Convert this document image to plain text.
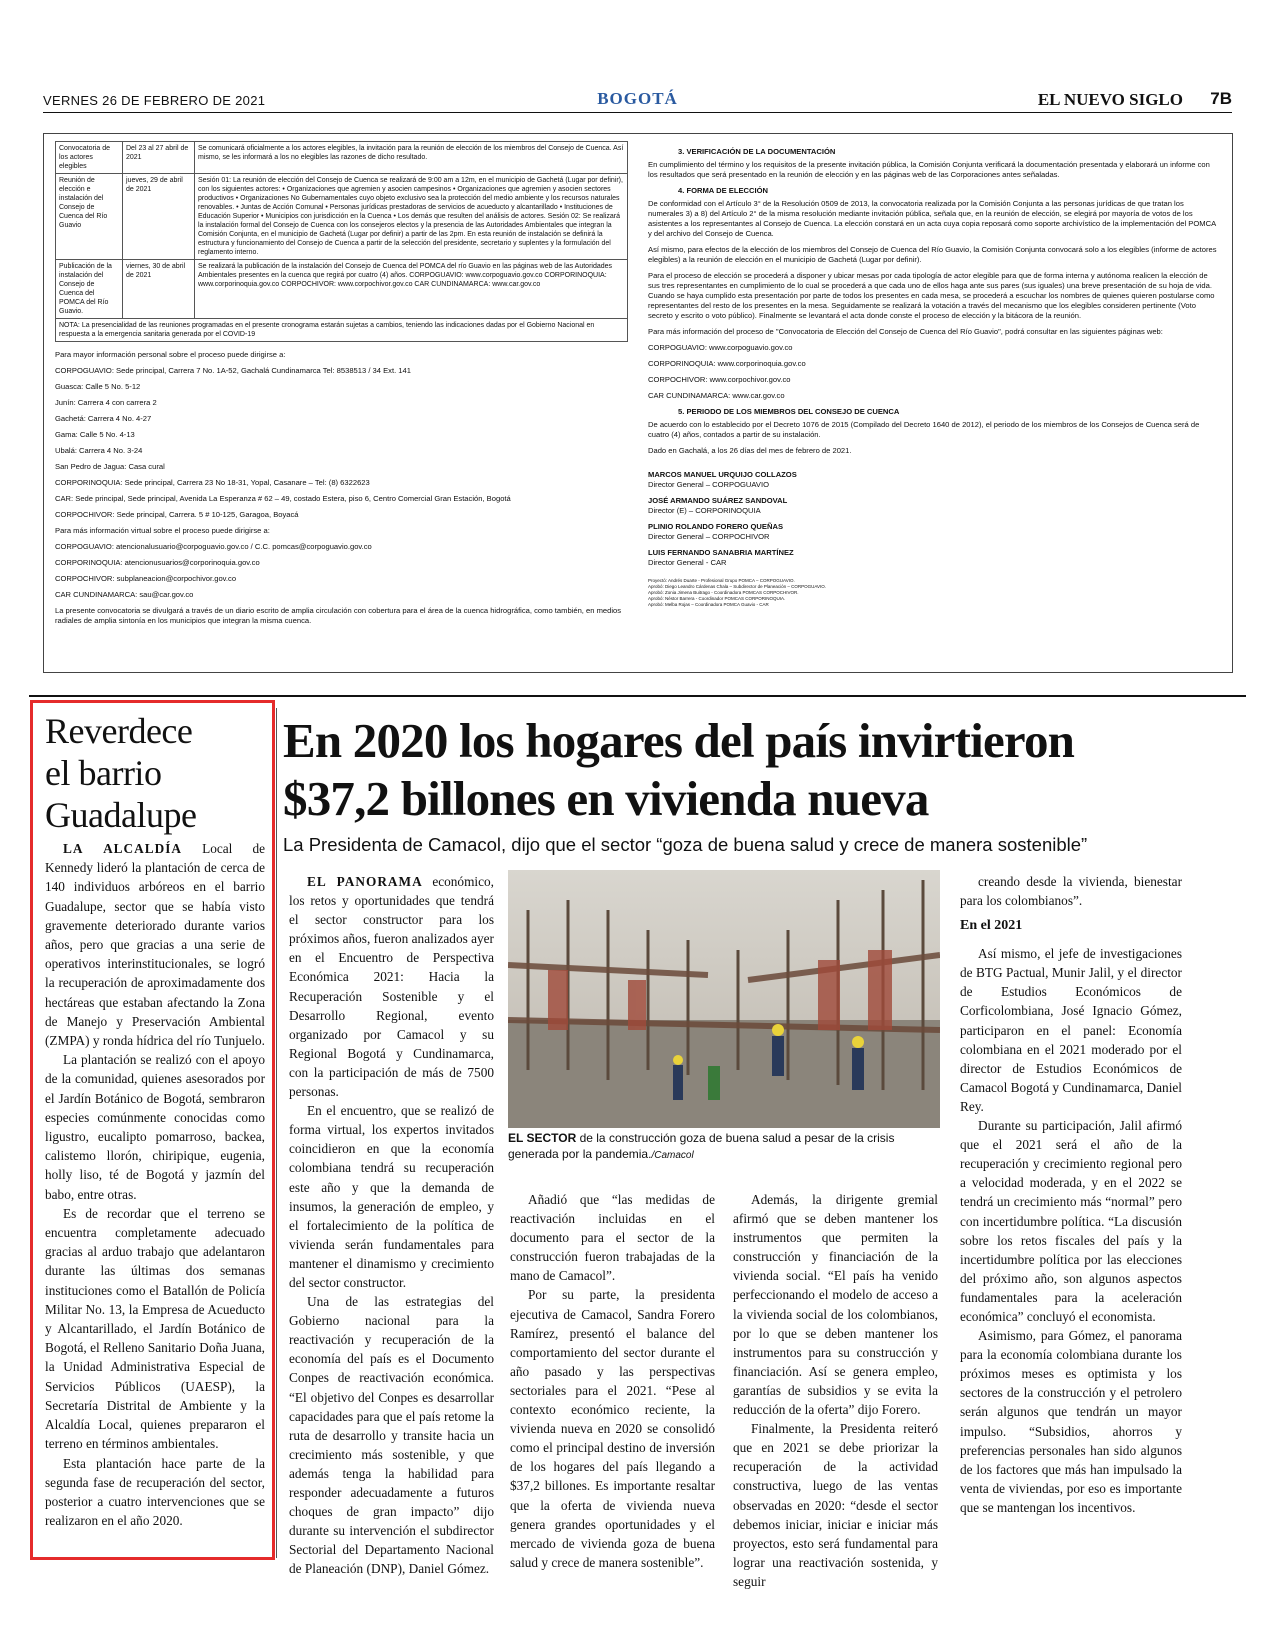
VERNES 26 DE FEBRERO DE 2021	BOGOTÁ	EL NUEVO SIGLO 7B
Convocatoria de los actores elegibles	Del 23 al 27 abril de 2021	Se comunicará oficialmente a los actores elegibles, la invitación para la reunión de elección de los miembros del Consejo de Cuenca. Así mismo, se les informará a los no elegibles las razones de dicho resultado.
Reunión de elección e instalación del Consejo de Cuenca del Río Guavio	jueves, 29 de abril de 2021	Sesión 01: La reunión de elección del Consejo de Cuenca se realizará de 9:00 am a 12m, en el municipio de Gachetá (Lugar por definir), con los siguientes actores: • Organizaciones que agremien y asocien campesinos • Organizaciones que agremien y asocien sectores productivos • Organizaciones No Gubernamentales cuyo objeto exclusivo sea la protección del medio ambiente y los recursos naturales renovables. • Juntas de Acción Comunal • Personas jurídicas prestadoras de servicios de acueducto y alcantarillado • Instituciones de Educación Superior • Municipios con jurisdicción en la Cuenca • Los demás que resulten del análisis de actores. Sesión 02: Se realizará la instalación formal del Consejo de Cuenca con los consejeros electos y la presencia de las Autoridades Ambientales que integran la Comisión Conjunta, en el municipio de Gachetá (Lugar por definir) a partir de las 2pm. En esta reunión de instalación se definirá la estructura y funcionamiento del Consejo de Cuenca a partir de la selección del presidente, secretario y suplentes y la formulación del reglamento interno.
Publicación de la instalación del Consejo de Cuenca del POMCA del Río Guavio.	viernes, 30 de abril de 2021	Se realizará la publicación de la instalación del Consejo de Cuenca del POMCA del río Guavio en las páginas web de las Autoridades Ambientales presentes en la cuenca que regirá por cuatro (4) años. CORPOGUAVIO: www.corpoguavio.gov.co CORPORINOQUIA: www.corporinoquia.gov.co CORPOCHIVOR: www.corpochivor.gov.co CAR CUNDINAMARCA: www.car.gov.co
NOTA: La presencialidad de las reuniones programadas en el presente cronograma estarán sujetas a cambios, teniendo las indicaciones dadas por el Gobierno Nacional en respuesta a la emergencia sanitaria generada por el COVID-19		
Para mayor información personal sobre el proceso puede dirigirse a:
CORPOGUAVIO: Sede principal, Carrera 7 No. 1A-52, Gachalá Cundinamarca Tel: 8538513 / 34 Ext. 141
Guasca: Calle 5 No. 5-12
Junín: Carrera 4 con carrera 2
Gachetá: Carrera 4 No. 4-27
Gama: Calle 5 No. 4-13
Ubalá: Carrera 4 No. 3-24
San Pedro de Jagua: Casa cural
CORPORINOQUIA: Sede principal, Carrera 23 No 18-31, Yopal, Casanare – Tel: (8) 6322623
CAR: Sede principal, Sede principal, Avenida La Esperanza # 62 – 49, costado Estera, piso 6, Centro Comercial Gran Estación, Bogotá
CORPOCHIVOR: Sede principal, Carrera. 5 # 10-125, Garagoa, Boyacá
Para más información virtual sobre el proceso puede dirigirse a:
CORPOGUAVIO: atencionalusuario@corpoguavio.gov.co / C.C. pomcas@corpoguavio.gov.co
CORPORINOQUIA: atencionusuarios@corporinoquia.gov.co
CORPOCHIVOR: subplaneacion@corpochivor.gov.co
CAR CUNDINAMARCA: sau@car.gov.co
La presente convocatoria se divulgará a través de un diario escrito de amplia circulación con cobertura para el área de la cuenca hidrográfica, como también, en medios radiales de amplia sintonía en los municipios que integran la misma cuenca.
3. VERIFICACIÓN DE LA DOCUMENTACIÓN
En cumplimiento del término y los requisitos de la presente invitación pública, la Comisión Conjunta verificará la documentación presentada y elaborará un informe con los resultados que será presentado en la reunión de elección y en las páginas web de las Corporaciones antes señaladas.
4. FORMA DE ELECCIÓN
De conformidad con el Artículo 3° de la Resolución 0509 de 2013, la convocatoria realizada por la Comisión Conjunta a las personas jurídicas de que tratan los numerales 3) a 8) del Artículo 2° de la misma resolución mediante invitación pública, señala que, en la reunión de elección, se elegirá por mayoría de votos de los asistentes a los representantes al Consejo de Cuenca. La elección constará en un acta cuya copia reposará como soporte archivístico de la implementación del POMCA y del archivo del Consejo de Cuenca.
Así mismo, para efectos de la elección de los miembros del Consejo de Cuenca del Río Guavio, la Comisión Conjunta convocará solo a los elegibles (informe de actores elegibles) a la reunión de elección en el municipio de Gachetá (Lugar por definir).
Para el proceso de elección se procederá a disponer y ubicar mesas por cada tipología de actor elegible para que de forma interna y autónoma realicen la elección de sus tres representantes en cumplimiento de lo cual se procederá a que cada uno de ellos haga ante sus pares (sus iguales) una breve presentación de su hoja de vida. Cuando se haya cumplido esta presentación por parte de todos los presentes en cada mesa, se procederá a escuchar los nombres de quienes quieren postularse como representantes del resto de los presentes en la mesa. Seguidamente se realizará la votación a través del mecanismo que los elegibles consideren pertinente (Voto secreto y escrito o voto público). Finalmente se levantará el acta donde conste el proceso de elección y la bitácora de la reunión.
Para más información del proceso de "Convocatoria de Elección del Consejo de Cuenca del Río Guavio", podrá consultar en las siguientes páginas web:
CORPOGUAVIO: www.corpoguavio.gov.co
CORPORINOQUIA: www.corporinoquia.gov.co
CORPOCHIVOR: www.corpochivor.gov.co
CAR CUNDINAMARCA: www.car.gov.co
5. PERIODO DE LOS MIEMBROS DEL CONSEJO DE CUENCA
De acuerdo con lo establecido por el Decreto 1076 de 2015 (Compilado del Decreto 1640 de 2012), el periodo de los miembros de los Consejos de Cuenca será de cuatro (4) años, contados a partir de su instalación.
Dado en Gachalá, a los 26 días del mes de febrero de 2021.
MARCOS MANUEL URQUIJO COLLAZOS
Director General – CORPOGUAVIO
JOSÉ ARMANDO SUÁREZ SANDOVAL
Director (E) – CORPORINOQUIA
PLINIO ROLANDO FORERO QUEÑAS
Director General – CORPOCHIVOR
LUIS FERNANDO SANABRIA MARTÍNEZ
Director General - CAR
Proyectó: Andrés Duarte - Profesional Grupo POMCA – CORPOGUAVIO.
Aprobó: Diego Leandro Cárdenas Chala – Subdirector de Planeación – CORPOGUAVIO.
Aprobó: Zonia Jimena Buitrago - Coordinadora POMCAS CORPOCHIVOR.
Aprobó: Néstor Barrera - Coordinador POMCAS CORPORINOQUIA.
Aprobó: Melba Rojas – Coordinadora POMCA Guavio - CAR
Reverdece
el barrio
Guadalupe

LA ALCALDÍA Local de Kennedy lideró la plantación de cerca de 140 individuos arbóreos en el barrio Guadalupe, sector que se había visto gravemente deteriorado durante varios años, pero que gracias a una serie de operativos interinstitucionales, se logró la recuperación de aproximadamente dos hectáreas que estaban afectando la Zona de Manejo y Preservación Ambiental (ZMPA) y ronda hídrica del río Tunjuelo.

La plantación se realizó con el apoyo de la comunidad, quienes asesorados por el Jardín Botánico de Bogotá, sembraron especies comúnmente conocidas como ligustro, eucalipto pomarroso, backea, calistemo llorón, chiripique, eugenia, holly liso, té de Bogotá y jazmín del babo, entre otras.

Es de recordar que el terreno se encuentra completamente adecuado gracias al arduo trabajo que adelantaron durante las últimas dos semanas instituciones como el Batallón de Policía Militar No. 13, la Empresa de Acueducto y Alcantarillado, el Jardín Botánico de Bogotá, el Relleno Sanitario Doña Juana, la Unidad Administrativa Especial de Servicios Públicos (UAESP), la Secretaría Distrital de Ambiente y la Alcaldía Local, quienes prepararon el terreno en términos ambientales.

Esta plantación hace parte de la segunda fase de recuperación del sector, posterior a cuatro intervenciones que se realizaron en el año 2020.

En 2020 los hogares del país invirtieron
$37,2 billones en vivienda nueva
La Presidenta de Camacol, dijo que el sector “goza de buena salud y crece de manera sostenible”

EL PANORAMA económico, los retos y oportunidades que tendrá el sector constructor para los próximos años, fueron analizados ayer en el Encuentro de Perspectiva Económica 2021: Hacia la Recuperación Sostenible y el Desarrollo Regional, evento organizado por Camacol y su Regional Bogotá y Cundinamarca, con la participación de más de 7500 personas.

En el encuentro, que se realizó de forma virtual, los expertos invitados coincidieron en que la economía colombiana tendrá su recuperación este año y que la demanda de insumos, la generación de empleo, y el fortalecimiento de la política de vivienda serán fundamentales para mantener el dinamismo y crecimiento del sector constructor.

Una de las estrategias del Gobierno nacional para la reactivación y recuperación de la economía del país es el Documento Conpes de reactivación económica. “El objetivo del Conpes es desarrollar capacidades para que el país retome la ruta de desarrollo y transite hacia un crecimiento más sostenible, y que además tenga la habilidad para responder adecuadamente a futuros choques de gran impacto” dijo durante su intervención el subdirector Sectorial del Departamento Nacional de Planeación (DNP), Daniel Gómez.

EL SECTOR de la construcción goza de buena salud a pesar de la crisis generada por la pandemia./Camacol

Añadió que “las medidas de reactivación incluidas en el documento para el sector de la construcción fueron trabajadas de la mano de Camacol”.

Por su parte, la presidenta ejecutiva de Camacol, Sandra Forero Ramírez, presentó el balance del comportamiento del sector durante el año pasado y las perspectivas sectoriales para el 2021. “Pese al contexto económico reciente, la vivienda nueva en 2020 se consolidó como el principal destino de inversión de los hogares del país llegando a $37,2 billones. Es importante resaltar que la oferta de vivienda nueva genera grandes oportunidades y el mercado de vivienda goza de buena salud y crece de manera sostenible”.

Además, la dirigente gremial afirmó que se deben mantener los instrumentos que permiten la construcción y financiación de la vivienda social. “El país ha venido perfeccionando el modelo de acceso a la vivienda social de los colombianos, por lo que se deben mantener los instrumentos para su construcción y financiación. Así se genera empleo, garantías de subsidios y se evita la reducción de la oferta” dijo Forero.

Finalmente, la Presidenta reiteró que en 2021 se debe priorizar la recuperación de la actividad constructiva, luego de las ventas observadas en 2020: “desde el sector debemos iniciar, iniciar e iniciar más proyectos, esto será fundamental para lograr una reactivación sostenida, y seguir

creando desde la vivienda, bienestar para los colombianos”.

En el 2021

Así mismo, el jefe de investigaciones de BTG Pactual, Munir Jalil, y el director de Estudios Económicos de Corficolombiana, José Ignacio Gómez, participaron en el panel: Economía colombiana en el 2021 moderado por el director de Estudios Económicos de Camacol Bogotá y Cundinamarca, Daniel Rey.

Durante su participación, Jalil afirmó que el 2021 será el año de la recuperación y crecimiento regional pero a velocidad moderada, y en el 2022 se tendrá un crecimiento más “normal” pero con incertidumbre política. “La discusión sobre los retos fiscales del país y la incertidumbre política por las elecciones del próximo año, son algunos aspectos fundamentales para la aceleración económica” concluyó el economista.

Asimismo, para Gómez, el panorama para la economía colombiana durante los próximos meses es optimista y los sectores de la construcción y el petrolero serán algunos que tendrán un mayor impulso. “Subsidios, ahorros y preferencias personales han sido algunos de los factores que más han impulsado la venta de viviendas, por eso es importante que se mantengan los incentivos.
